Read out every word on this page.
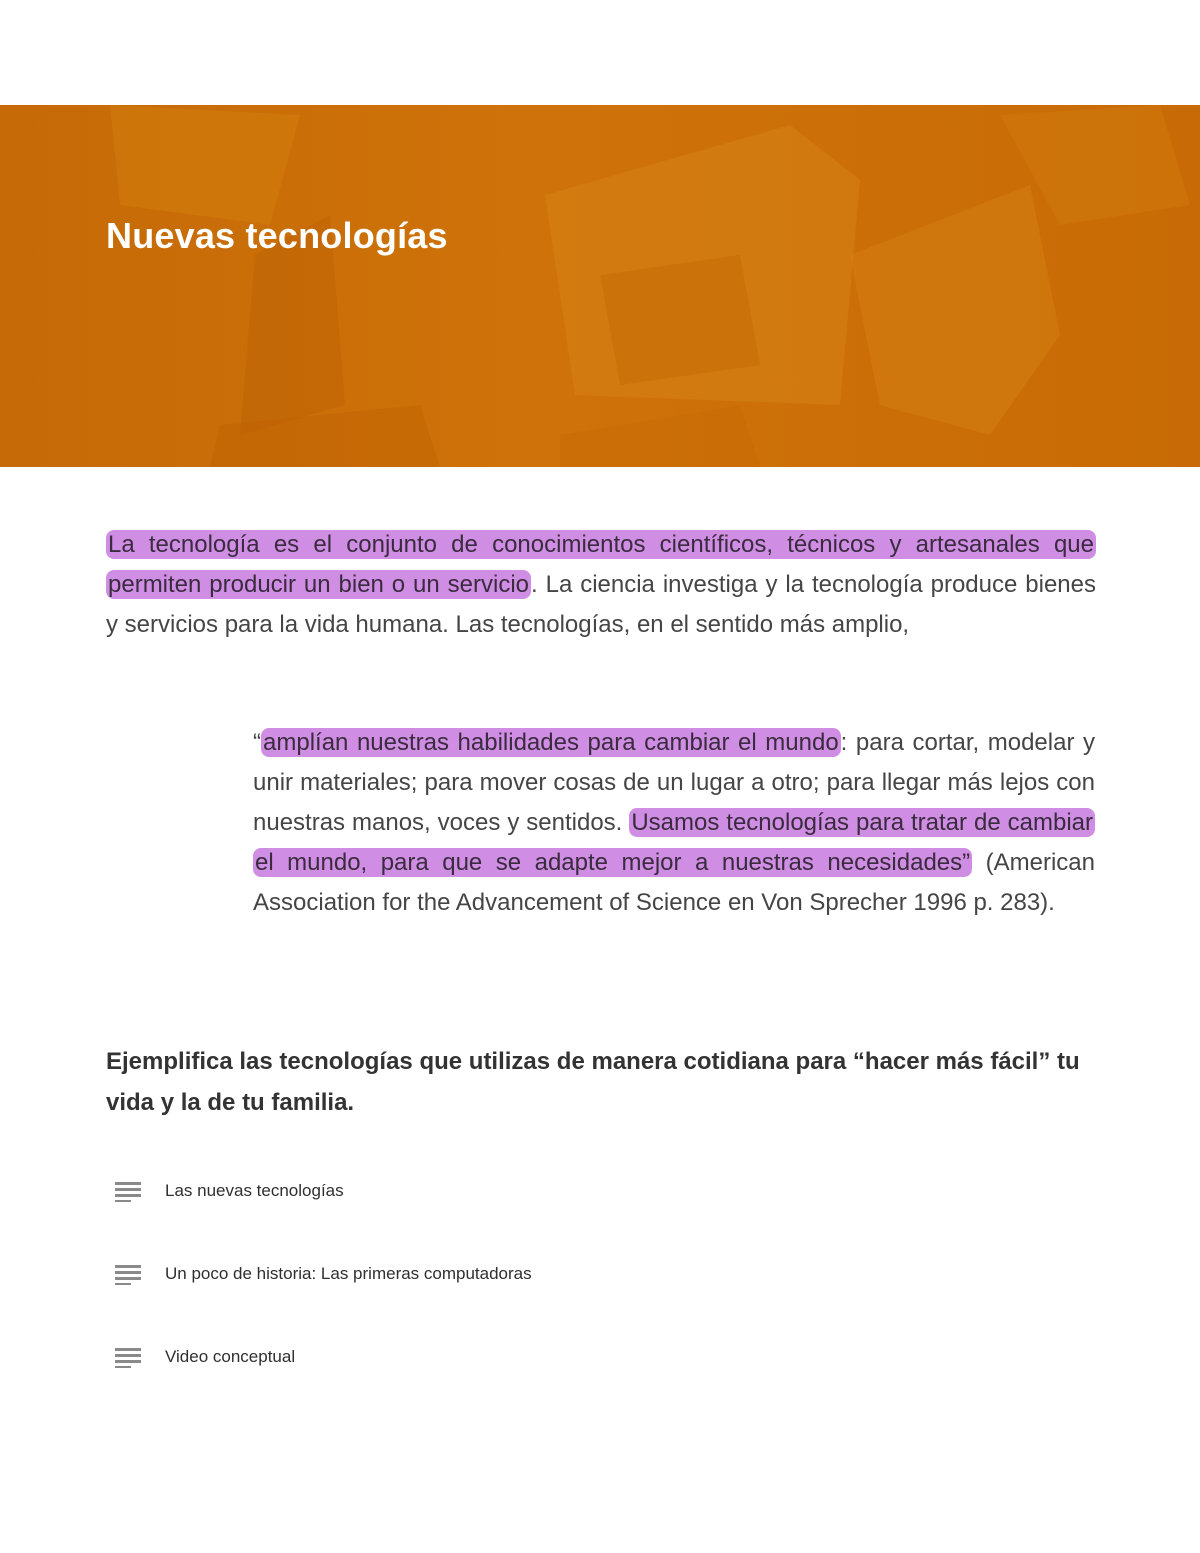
Nuevas tecnologías

La tecnología es el conjunto de conocimientos científicos, técnicos y artesanales que permiten producir un bien o un servicio. La ciencia investiga y la tecnología produce bienes y servicios para la vida humana. Las tecnologías, en el sentido más amplio,

“amplían nuestras habilidades para cambiar el mundo: para cortar, modelar y unir materiales; para mover cosas de un lugar a otro; para llegar más lejos con nuestras manos, voces y sentidos. Usamos tecnologías para tratar de cambiar el mundo, para que se adapte mejor a nuestras necesidades” (American Association for the Advancement of Science en Von Sprecher 1996 p. 283).

Ejemplifica las tecnologías que utilizas de manera cotidiana para “hacer más fácil” tu vida y la de tu familia.

Las nuevas tecnologías
Un poco de historia: Las primeras computadoras
Video conceptual
